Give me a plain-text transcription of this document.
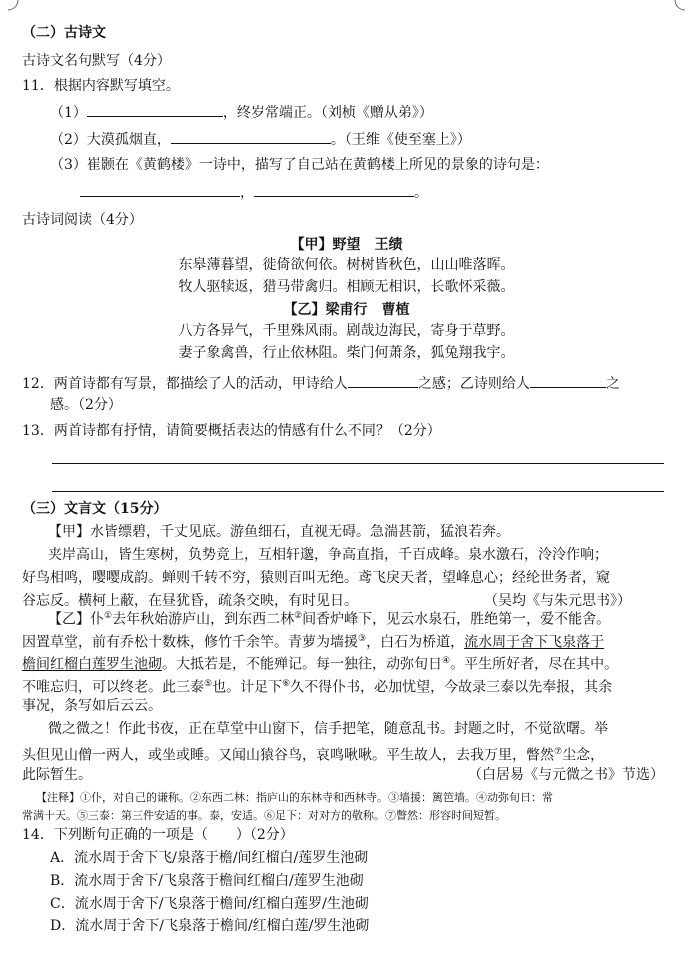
（二）古诗文
古诗文名句默写（4分）
11．根据内容默写填空。
（1）	，终岁常端正。（刘桢《赠从弟》）
（2）大漠孤烟直，	。（王维《使至塞上》）
（3）崔颢在《黄鹤楼》一诗中，描写了自己站在黄鹤楼上所见的景象的诗句是：
，	。
古诗词阅读（4分）
【甲】野望　王绩
东皋薄暮望，徙倚欲何依。树树皆秋色，山山唯落晖。
牧人驱犊返，猎马带禽归。相顾无相识，长歌怀采薇。
【乙】梁甫行　曹植
八方各异气，千里殊风雨。剧哉边海民，寄身于草野。
妻子象禽兽，行止依林阻。柴门何萧条，狐兔翔我宇。
12．两首诗都有写景，都描绘了人的活动，甲诗给人	之感；乙诗则给人	之
感。（2分）
13．两首诗都有抒情，请简要概括表达的情感有什么不同？（2分）
（三）文言文（15分）
【甲】水皆缥碧，千丈见底。游鱼细石，直视无碍。急湍甚箭，猛浪若奔。
夹岸高山，皆生寒树，负势竞上，互相轩邈，争高直指，千百成峰。泉水激石，泠泠作响；
好鸟相鸣，嘤嘤成韵。蝉则千转不穷，猿则百叫无绝。鸢飞戾天者，望峰息心；经纶世务者，窥
谷忘反。横柯上蔽，在昼犹昏，疏条交映，有时见日。	（吴均《与朱元思书》）
【乙】仆①去年秋始游庐山，到东西二林②间香炉峰下，见云水泉石，胜绝第一，爱不能舍。
因置草堂，前有乔松十数株，修竹千余竿。青萝为墙援③，白石为桥道，流水周于舍下飞泉落于
檐间红榴白莲罗生池砌。大抵若是，不能殚记。每一独往，动弥旬日④。平生所好者，尽在其中。
不唯忘归，可以终老。此三泰⑤也。计足下⑥久不得仆书，必加忧望，今故录三泰以先奉报，其余
事况，条写如后云云。
微之微之！作此书夜，正在草堂中山窗下，信手把笔，随意乱书。封题之时，不觉欲曙。举
头但见山僧一两人，或坐或睡。又闻山猿谷鸟，哀鸣啾啾。平生故人，去我万里，瞥然⑦尘念，
此际暂生。	（白居易《与元微之书》节选）
【注释】①仆，对自己的谦称。②东西二林：指庐山的东林寺和西林寺。③墙援：篱笆墙。④动弥旬日：常
常满十天。⑤三泰：第三件安适的事。泰，安适。⑥足下：对对方的敬称。⑦瞥然：形容时间短暂。
14．下列断句正确的一项是（　　）（2分）
A．流水周于舍下飞/泉落于檐/间红榴白/莲罗生池砌
B．流水周于舍下/飞泉落于檐间红榴白/莲罗生池砌
C．流水周于舍下/飞泉落于檐间/红榴白莲罗/生池砌
D．流水周于舍下/飞泉落于檐间/红榴白莲/罗生池砌
